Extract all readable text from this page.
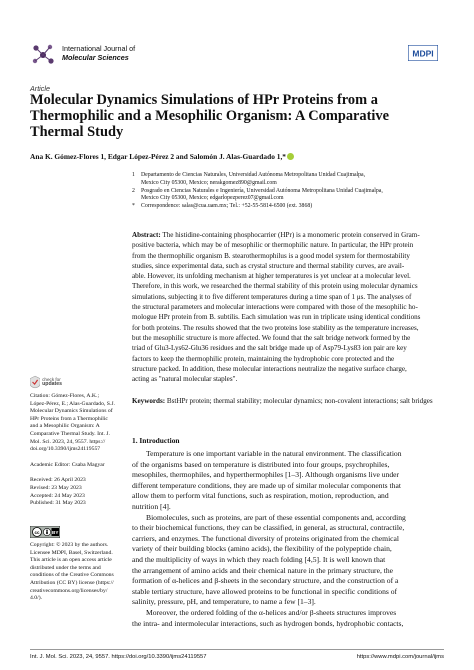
International Journal of
Molecular Sciences	MDPI
Article
Molecular Dynamics Simulations of HPr Proteins from a
Thermophilic and a Mesophilic Organism: A Comparative
Thermal Study
Ana K. Gómez-Flores 1, Edgar López-Pérez 2 and Salomón J. Alas-Guardado 1,*
1 Departamento de Ciencias Naturales, Universidad Autónoma Metropolitana Unidad Cuajimalpa,
Mexico City 05300, Mexico; nerakgomez890@gmail.com
2 Posgrado en Ciencias Naturales e Ingeniería, Universidad Autónoma Metropolitana Unidad Cuajimalpa,
Mexico City 05300, Mexico; edgarlopezperez07@gmail.com
* Correspondence: salas@cua.uam.mx; Tel.: +52-55-5814-6500 (ext. 3868)
Abstract: The histidine-containing phosphocarrier (HPr) is a monomeric protein conserved in Gram-
positive bacteria, which may be of mesophilic or thermophilic nature. In particular, the HPr protein
from the thermophilic organism B. stearothermophilus is a good model system for thermostability
studies, since experimental data, such as crystal structure and thermal stability curves, are avail-
able. However, its unfolding mechanism at higher temperatures is yet unclear at a molecular level.
Therefore, in this work, we researched the thermal stability of this protein using molecular dynamics
simulations, subjecting it to five different temperatures during a time span of 1 μs. The analyses of
the structural parameters and molecular interactions were compared with those of the mesophilic ho-
mologue HPr protein from B. subtilis. Each simulation was run in triplicate using identical conditions
for both proteins. The results showed that the two proteins lose stability as the temperature increases,
but the mesophilic structure is more affected. We found that the salt bridge network formed by the
triad of Glu3-Lys62-Glu36 residues and the salt bridge made up of Asp79-Lys83 ion pair are key
factors to keep the thermophilic protein, maintaining the hydrophobic core protected and the
structure packed. In addition, these molecular interactions neutralize the negative surface charge,
acting as "natural molecular staples".
Keywords: BstHPr protein; thermal stability; molecular dynamics; non-covalent interactions; salt bridges
1. Introduction
Temperature is one important variable in the natural environment. The classification
of the organisms based on temperature is distributed into four groups, psychrophiles,
mesophiles, thermophiles, and hyperthermophiles [1–3]. Although organisms live under
different temperature conditions, they are made up of similar molecular components that
allow them to perform vital functions, such as respiration, motion, reproduction, and
nutrition [4].
Biomolecules, such as proteins, are part of these essential components and, according
to their biochemical functions, they can be classified, in general, as structural, contractile,
carriers, and enzymes. The functional diversity of proteins originated from the chemical
variety of their building blocks (amino acids), the flexibility of the polypeptide chain,
and the multiplicity of ways in which they reach folding [4,5]. It is well known that
the arrangement of amino acids and their chemical nature in the primary structure, the
formation of α-helices and β-sheets in the secondary structure, and the construction of a
stable tertiary structure, have allowed proteins to be functional in specific conditions of
salinity, pressure, pH, and temperature, to name a few [1–3].
Moreover, the ordered folding of the α-helices and/or β-sheets structures improves
the intra- and intermolecular interactions, such as hydrogen bonds, hydrophobic contacts,
check for
updates
Citation: Gómez-Flores, A.K.;
López-Pérez, E.; Alas-Guardado, S.J.
Molecular Dynamics Simulations of
HPr Proteins from a Thermophilic
and a Mesophilic Organism: A
Comparative Thermal Study. Int. J.
Mol. Sci. 2023, 24, 9557. https://
doi.org/10.3390/ijms24119557
Academic Editor: Csaba Magyar
Received: 26 April 2023
Revised: 23 May 2023
Accepted: 24 May 2023
Published: 31 May 2023
cc	BY
Copyright: © 2023 by the authors.
Licensee MDPI, Basel, Switzerland.
This article is an open access article
distributed under the terms and
conditions of the Creative Commons
Attribution (CC BY) license (https://
creativecommons.org/licenses/by/
4.0/).
Int. J. Mol. Sci. 2023, 24, 9557. https://doi.org/10.3390/ijms24119557	https://www.mdpi.com/journal/ijms
